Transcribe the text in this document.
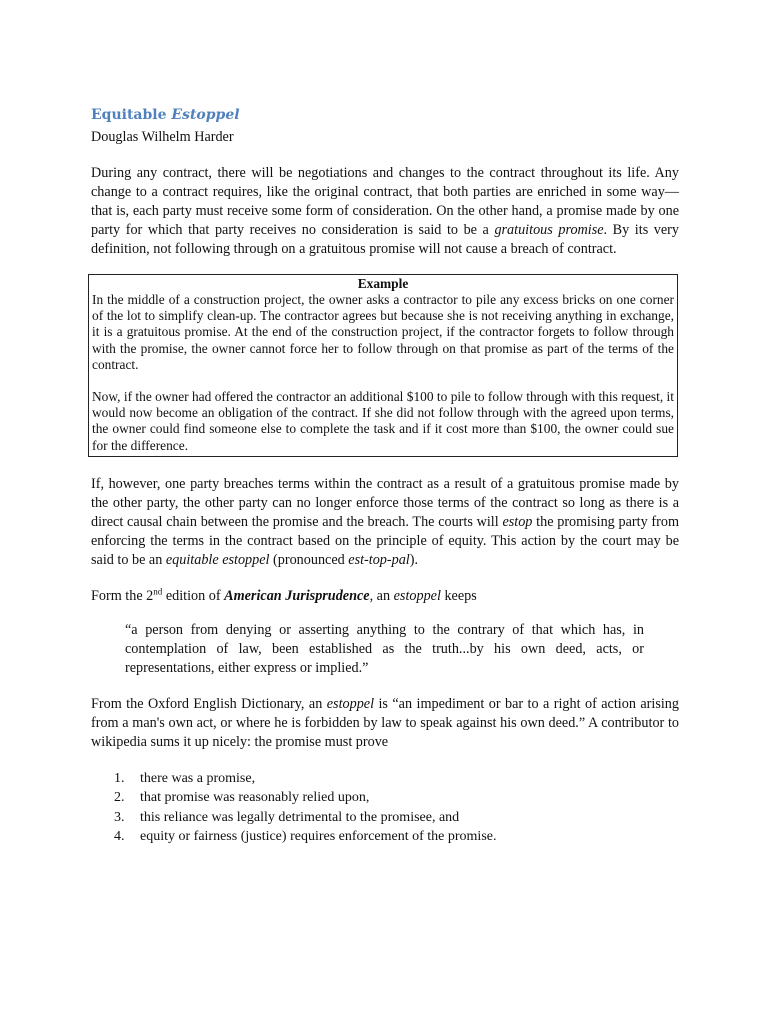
Equitable Estoppel

Douglas Wilhelm Harder

During any contract, there will be negotiations and changes to the contract throughout its life. Any change to a contract requires, like the original contract, that both parties are enriched in some way—that is, each party must receive some form of consideration. On the other hand, a promise made by one party for which that party receives no consideration is said to be a gratuitous promise. By its very definition, not following through on a gratuitous promise will not cause a breach of contract.

Example

In the middle of a construction project, the owner asks a contractor to pile any excess bricks on one corner of the lot to simplify clean-up. The contractor agrees but because she is not receiving anything in exchange, it is a gratuitous promise. At the end of the construction project, if the contractor forgets to follow through with the promise, the owner cannot force her to follow through on that promise as part of the terms of the contract.

Now, if the owner had offered the contractor an additional $100 to pile to follow through with this request, it would now become an obligation of the contract. If she did not follow through with the agreed upon terms, the owner could find someone else to complete the task and if it cost more than $100, the owner could sue for the difference.

If, however, one party breaches terms within the contract as a result of a gratuitous promise made by the other party, the other party can no longer enforce those terms of the contract so long as there is a direct causal chain between the promise and the breach. The courts will estop the promising party from enforcing the terms in the contract based on the principle of equity. This action by the court may be said to be an equitable estoppel (pronounced est-top-pal).

Form the 2nd edition of American Jurisprudence, an estoppel keeps

“a person from denying or asserting anything to the contrary of that which has, in contemplation of law, been established as the truth...by his own deed, acts, or representations, either express or implied.”

From the Oxford English Dictionary, an estoppel is “an impediment or bar to a right of action arising from a man's own act, or where he is forbidden by law to speak against his own deed.” A contributor to wikipedia sums it up nicely: the promise must prove

1.	there was a promise,
2.	that promise was reasonably relied upon,
3.	this reliance was legally detrimental to the promisee, and
4.	equity or fairness (justice) requires enforcement of the promise.
